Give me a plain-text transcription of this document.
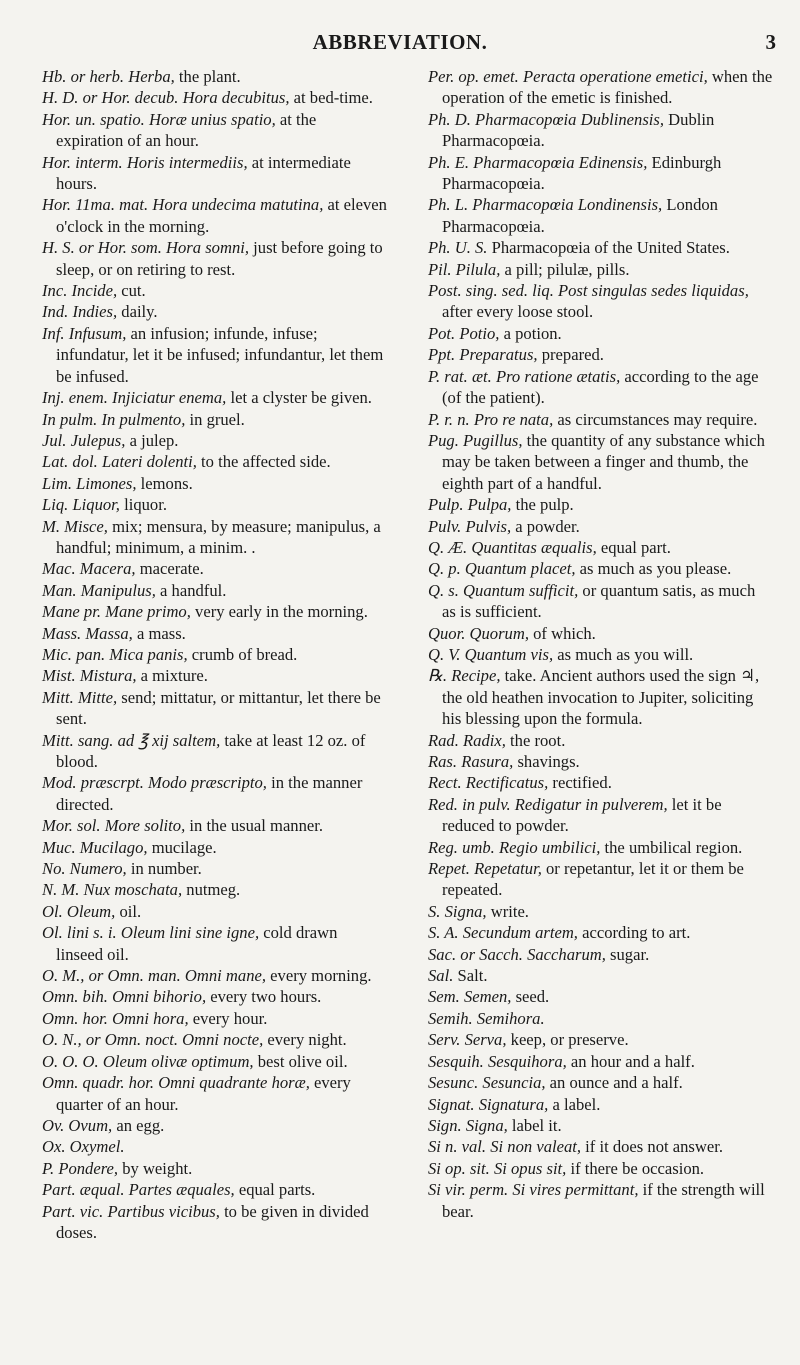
ABBREVIATION.	3

Hb. or herb. Herba, the plant.

H. D. or Hor. decub. Hora decubitus, at bed-time.

Hor. un. spatio. Horæ unius spatio, at the expiration of an hour.

Hor. interm. Horis intermediis, at intermediate hours.

Hor. 11ma. mat. Hora undecima matutina, at eleven o'clock in the morning.

H. S. or Hor. som. Hora somni, just before going to sleep, or on retiring to rest.

Inc. Incide, cut.

Ind. Indies, daily.

Inf. Infusum, an infusion; infunde, infuse; infundatur, let it be infused; infundantur, let them be infused.

Inj. enem. Injiciatur enema, let a clyster be given.

In pulm. In pulmento, in gruel.

Jul. Julepus, a julep.

Lat. dol. Lateri dolenti, to the affected side.

Lim. Limones, lemons.

Liq. Liquor, liquor.

M. Misce, mix; mensura, by measure; manipulus, a handful; minimum, a minim. .

Mac. Macera, macerate.

Man. Manipulus, a handful.

Mane pr. Mane primo, very early in the morning.

Mass. Massa, a mass.

Mic. pan. Mica panis, crumb of bread.

Mist. Mistura, a mixture.

Mitt. Mitte, send; mittatur, or mittantur, let there be sent.

Mitt. sang. ad ℥ xij saltem, take at least 12 oz. of blood.

Mod. præscrpt. Modo præscripto, in the manner directed.

Mor. sol. More solito, in the usual manner.

Muc. Mucilago, mucilage.

No. Numero, in number.

N. M. Nux moschata, nutmeg.

Ol. Oleum, oil.

Ol. lini s. i. Oleum lini sine igne, cold drawn linseed oil.

O. M., or Omn. man. Omni mane, every morning.

Omn. bih. Omni bihorio, every two hours.

Omn. hor. Omni hora, every hour.

O. N., or Omn. noct. Omni nocte, every night.

O. O. O. Oleum olivæ optimum, best olive oil.

Omn. quadr. hor. Omni quadrante horæ, every quarter of an hour.

Ov. Ovum, an egg.

Ox. Oxymel.

P. Pondere, by weight.

Part. æqual. Partes æquales, equal parts.

Part. vic. Partibus vicibus, to be given in divided doses.

Per. op. emet. Peracta operatione emetici, when the operation of the emetic is finished.

Ph. D. Pharmacopœia Dublinensis, Dublin Pharmacopœia.

Ph. E. Pharmacopœia Edinensis, Edinburgh Pharmacopœia.

Ph. L. Pharmacopœia Londinensis, London Pharmacopœia.

Ph. U. S. Pharmacopœia of the United States.

Pil. Pilula, a pill; pilulæ, pills.

Post. sing. sed. liq. Post singulas sedes liquidas, after every loose stool.

Pot. Potio, a potion.

Ppt. Preparatus, prepared.

P. rat. æt. Pro ratione ætatis, according to the age (of the patient).

P. r. n. Pro re nata, as circumstances may require.

Pug. Pugillus, the quantity of any substance which may be taken between a finger and thumb, the eighth part of a handful.

Pulp. Pulpa, the pulp.

Pulv. Pulvis, a powder.

Q. Æ. Quantitas æqualis, equal part.

Q. p. Quantum placet, as much as you please.

Q. s. Quantum sufficit, or quantum satis, as much as is sufficient.

Quor. Quorum, of which.

Q. V. Quantum vis, as much as you will.

℞. Recipe, take. Ancient authors used the sign ♃, the old heathen invocation to Jupiter, soliciting his blessing upon the formula.

Rad. Radix, the root.

Ras. Rasura, shavings.

Rect. Rectificatus, rectified.

Red. in pulv. Redigatur in pulverem, let it be reduced to powder.

Reg. umb. Regio umbilici, the umbilical region.

Repet. Repetatur, or repetantur, let it or them be repeated.

S. Signa, write.

S. A. Secundum artem, according to art.

Sac. or Sacch. Saccharum, sugar.

Sal. Salt.

Sem. Semen, seed.

Semih. Semihora.

Serv. Serva, keep, or preserve.

Sesquih. Sesquihora, an hour and a half.

Sesunc. Sesuncia, an ounce and a half.

Signat. Signatura, a label.

Sign. Signa, label it.

Si n. val. Si non valeat, if it does not answer.

Si op. sit. Si opus sit, if there be occasion.

Si vir. perm. Si vires permittant, if the strength will bear.
